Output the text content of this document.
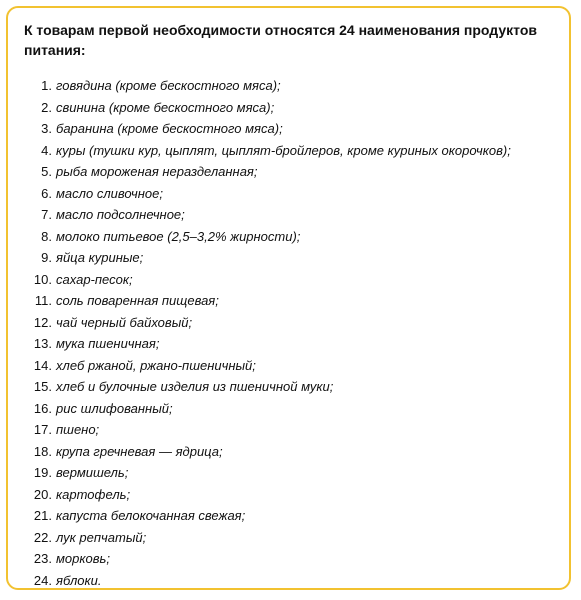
К товарам первой необходимости относятся 24 наименования продуктов питания:

1. говядина (кроме бескостного мяса);
2. свинина (кроме бескостного мяса);
3. баранина (кроме бескостного мяса);
4. куры (тушки кур, цыплят, цыплят-бройлеров, кроме куриных окорочков);
5. рыба мороженая неразделанная;
6. масло сливочное;
7. масло подсолнечное;
8. молоко питьевое (2,5–3,2% жирности);
9. яйца куриные;
10. сахар-песок;
11. соль поваренная пищевая;
12. чай черный байховый;
13. мука пшеничная;
14. хлеб ржаной, ржано-пшеничный;
15. хлеб и булочные изделия из пшеничной муки;
16. рис шлифованный;
17. пшено;
18. крупа гречневая — ядрица;
19. вермишель;
20. картофель;
21. капуста белокочанная свежая;
22. лук репчатый;
23. морковь;
24. яблоки.
